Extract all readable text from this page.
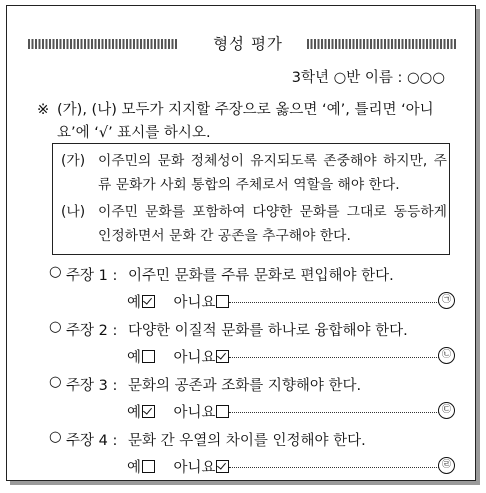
형성 평가
3학년 ○반 이름 : ○○○
※ (가), (나) 모두가 지지할 주장으로 옳으면 ‘예’, 틀리면 ‘아니요’에 ‘√’ 표시를 하시오.
(가) 이주민의 문화 정체성이 유지되도록 존중해야 하지만, 주류 문화가 사회 통합의 주체로서 역할을 해야 한다.
(나) 이주민 문화를 포함하여 다양한 문화를 그대로 동등하게 인정하면서 문화 간 공존을 추구해야 한다.
○ 주장 1 : 이주민 문화를 주류 문화로 편입해야 한다.
예 아니요	㉠
○ 주장 2 : 다양한 이질적 문화를 하나로 융합해야 한다.
예 아니요	㉡
○ 주장 3 : 문화의 공존과 조화를 지향해야 한다.
예 아니요	㉢
○ 주장 4 : 문화 간 우열의 차이를 인정해야 한다.
예 아니요	㉣
